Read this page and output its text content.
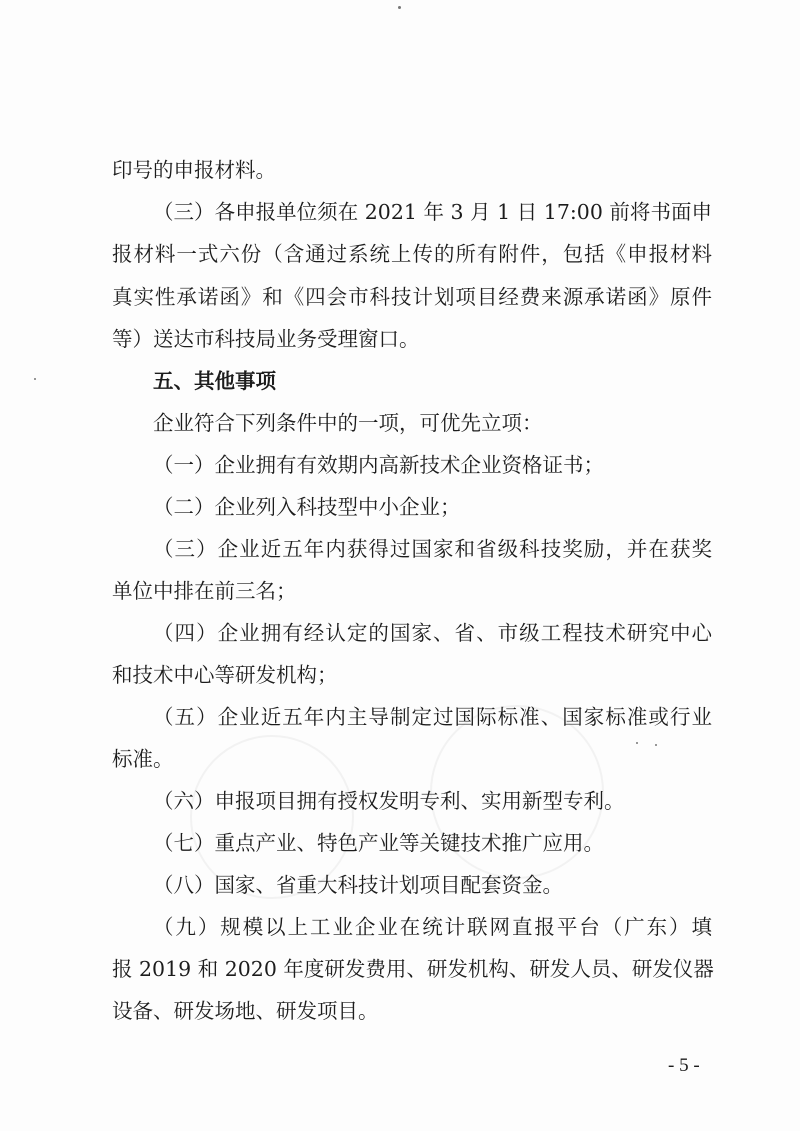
印号的申报材料。

（三）各申报单位须在 2021 年 3 月 1 日 17:00 前将书面申

报材料一式六份（含通过系统上传的所有附件，包括《申报材料

真实性承诺函》和《四会市科技计划项目经费来源承诺函》原件

等）送达市科技局业务受理窗口。

五、其他事项

企业符合下列条件中的一项，可优先立项：

（一）企业拥有有效期内高新技术企业资格证书；

（二）企业列入科技型中小企业；

（三）企业近五年内获得过国家和省级科技奖励，并在获奖

单位中排在前三名；

（四）企业拥有经认定的国家、省、市级工程技术研究中心

和技术中心等研发机构；

（五）企业近五年内主导制定过国际标准、国家标准或行业

标准。

（六）申报项目拥有授权发明专利、实用新型专利。

（七）重点产业、特色产业等关键技术推广应用。

（八）国家、省重大科技计划项目配套资金。

（九）规模以上工业企业在统计联网直报平台（广东）填

报 2019 和 2020 年度研发费用、研发机构、研发人员、研发仪器

设备、研发场地、研发项目。

- 5 -
